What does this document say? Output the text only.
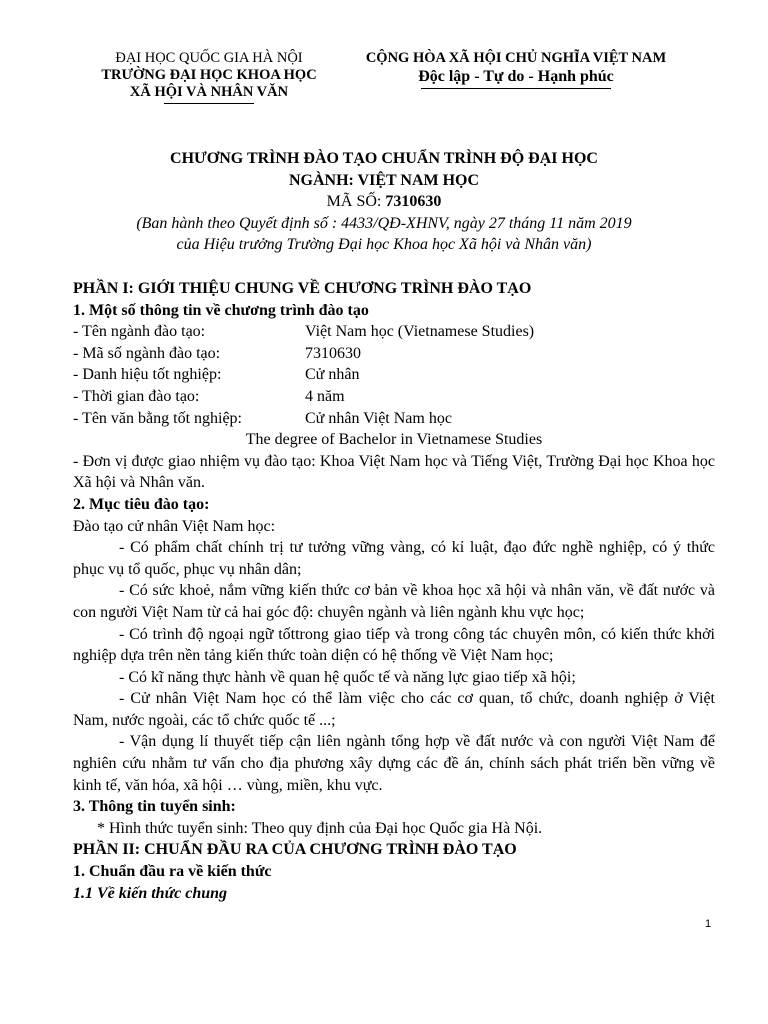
ĐẠI HỌC QUỐC GIA HÀ NỘI
TRƯỜNG ĐẠI HỌC KHOA HỌC
XÃ HỘI VÀ NHÂN VĂN
CỘNG HÒA XÃ HỘI CHỦ NGHĨA VIỆT NAM
Độc lập - Tự do - Hạnh phúc
CHƯƠNG TRÌNH ĐÀO TẠO CHUẨN TRÌNH ĐỘ ĐẠI HỌC
NGÀNH: VIỆT NAM HỌC
MÃ SỐ: 7310630
(Ban hành theo Quyết định số : 4433/QĐ-XHNV, ngày 27 tháng 11 năm 2019
của Hiệu trưởng Trường Đại học Khoa học Xã hội và Nhân văn)
PHẦN I: GIỚI THIỆU CHUNG VỀ CHƯƠNG TRÌNH ĐÀO TẠO
1. Một số thông tin về chương trình đào tạo
- Tên ngành đào tạo:	Việt Nam học (Vietnamese Studies)
- Mã số ngành đào tạo:	7310630
- Danh hiệu tốt nghiệp:	Cử nhân
- Thời gian đào tạo:	4 năm
- Tên văn bằng tốt nghiệp:	Cử nhân Việt Nam học
The degree of Bachelor in Vietnamese Studies
- Đơn vị được giao nhiệm vụ đào tạo: Khoa Việt Nam học và Tiếng Việt, Trường Đại học Khoa học Xã hội và Nhân văn.
2. Mục tiêu đào tạo:
Đào tạo cử nhân Việt Nam học:
- Có phẩm chất chính trị tư tưởng vững vàng, có kỉ luật, đạo đức nghề nghiệp, có ý thức phục vụ tổ quốc, phục vụ nhân dân;
- Có sức khoẻ, nắm vững kiến thức cơ bản về khoa học xã hội và nhân văn, về đất nước và con người Việt Nam từ cả hai góc độ: chuyên ngành và liên ngành khu vực học;
- Có trình độ ngoại ngữ tốttrong giao tiếp và trong công tác chuyên môn, có kiến thức khởi nghiệp dựa trên nền tảng kiến thức toàn diện có hệ thống về Việt Nam học;
- Có kĩ năng thực hành về quan hệ quốc tế và năng lực giao tiếp xã hội;
- Cử nhân Việt Nam học có thể làm việc cho các cơ quan, tổ chức, doanh nghiệp ở Việt Nam, nước ngoài, các tổ chức quốc tế ...;
- Vận dụng lí thuyết tiếp cận liên ngành tổng hợp về đất nước và con người Việt Nam để nghiên cứu nhằm tư vấn cho địa phương xây dựng các đề án, chính sách phát triển bền vững về kinh tế, văn hóa, xã hội … vùng, miền, khu vực.
3. Thông tin tuyển sinh:
* Hình thức tuyển sinh: Theo quy định của Đại học Quốc gia Hà Nội.
PHẦN II: CHUẨN ĐẦU RA CỦA CHƯƠNG TRÌNH ĐÀO TẠO
1. Chuẩn đầu ra về kiến thức
1.1 Về kiến thức chung
1
